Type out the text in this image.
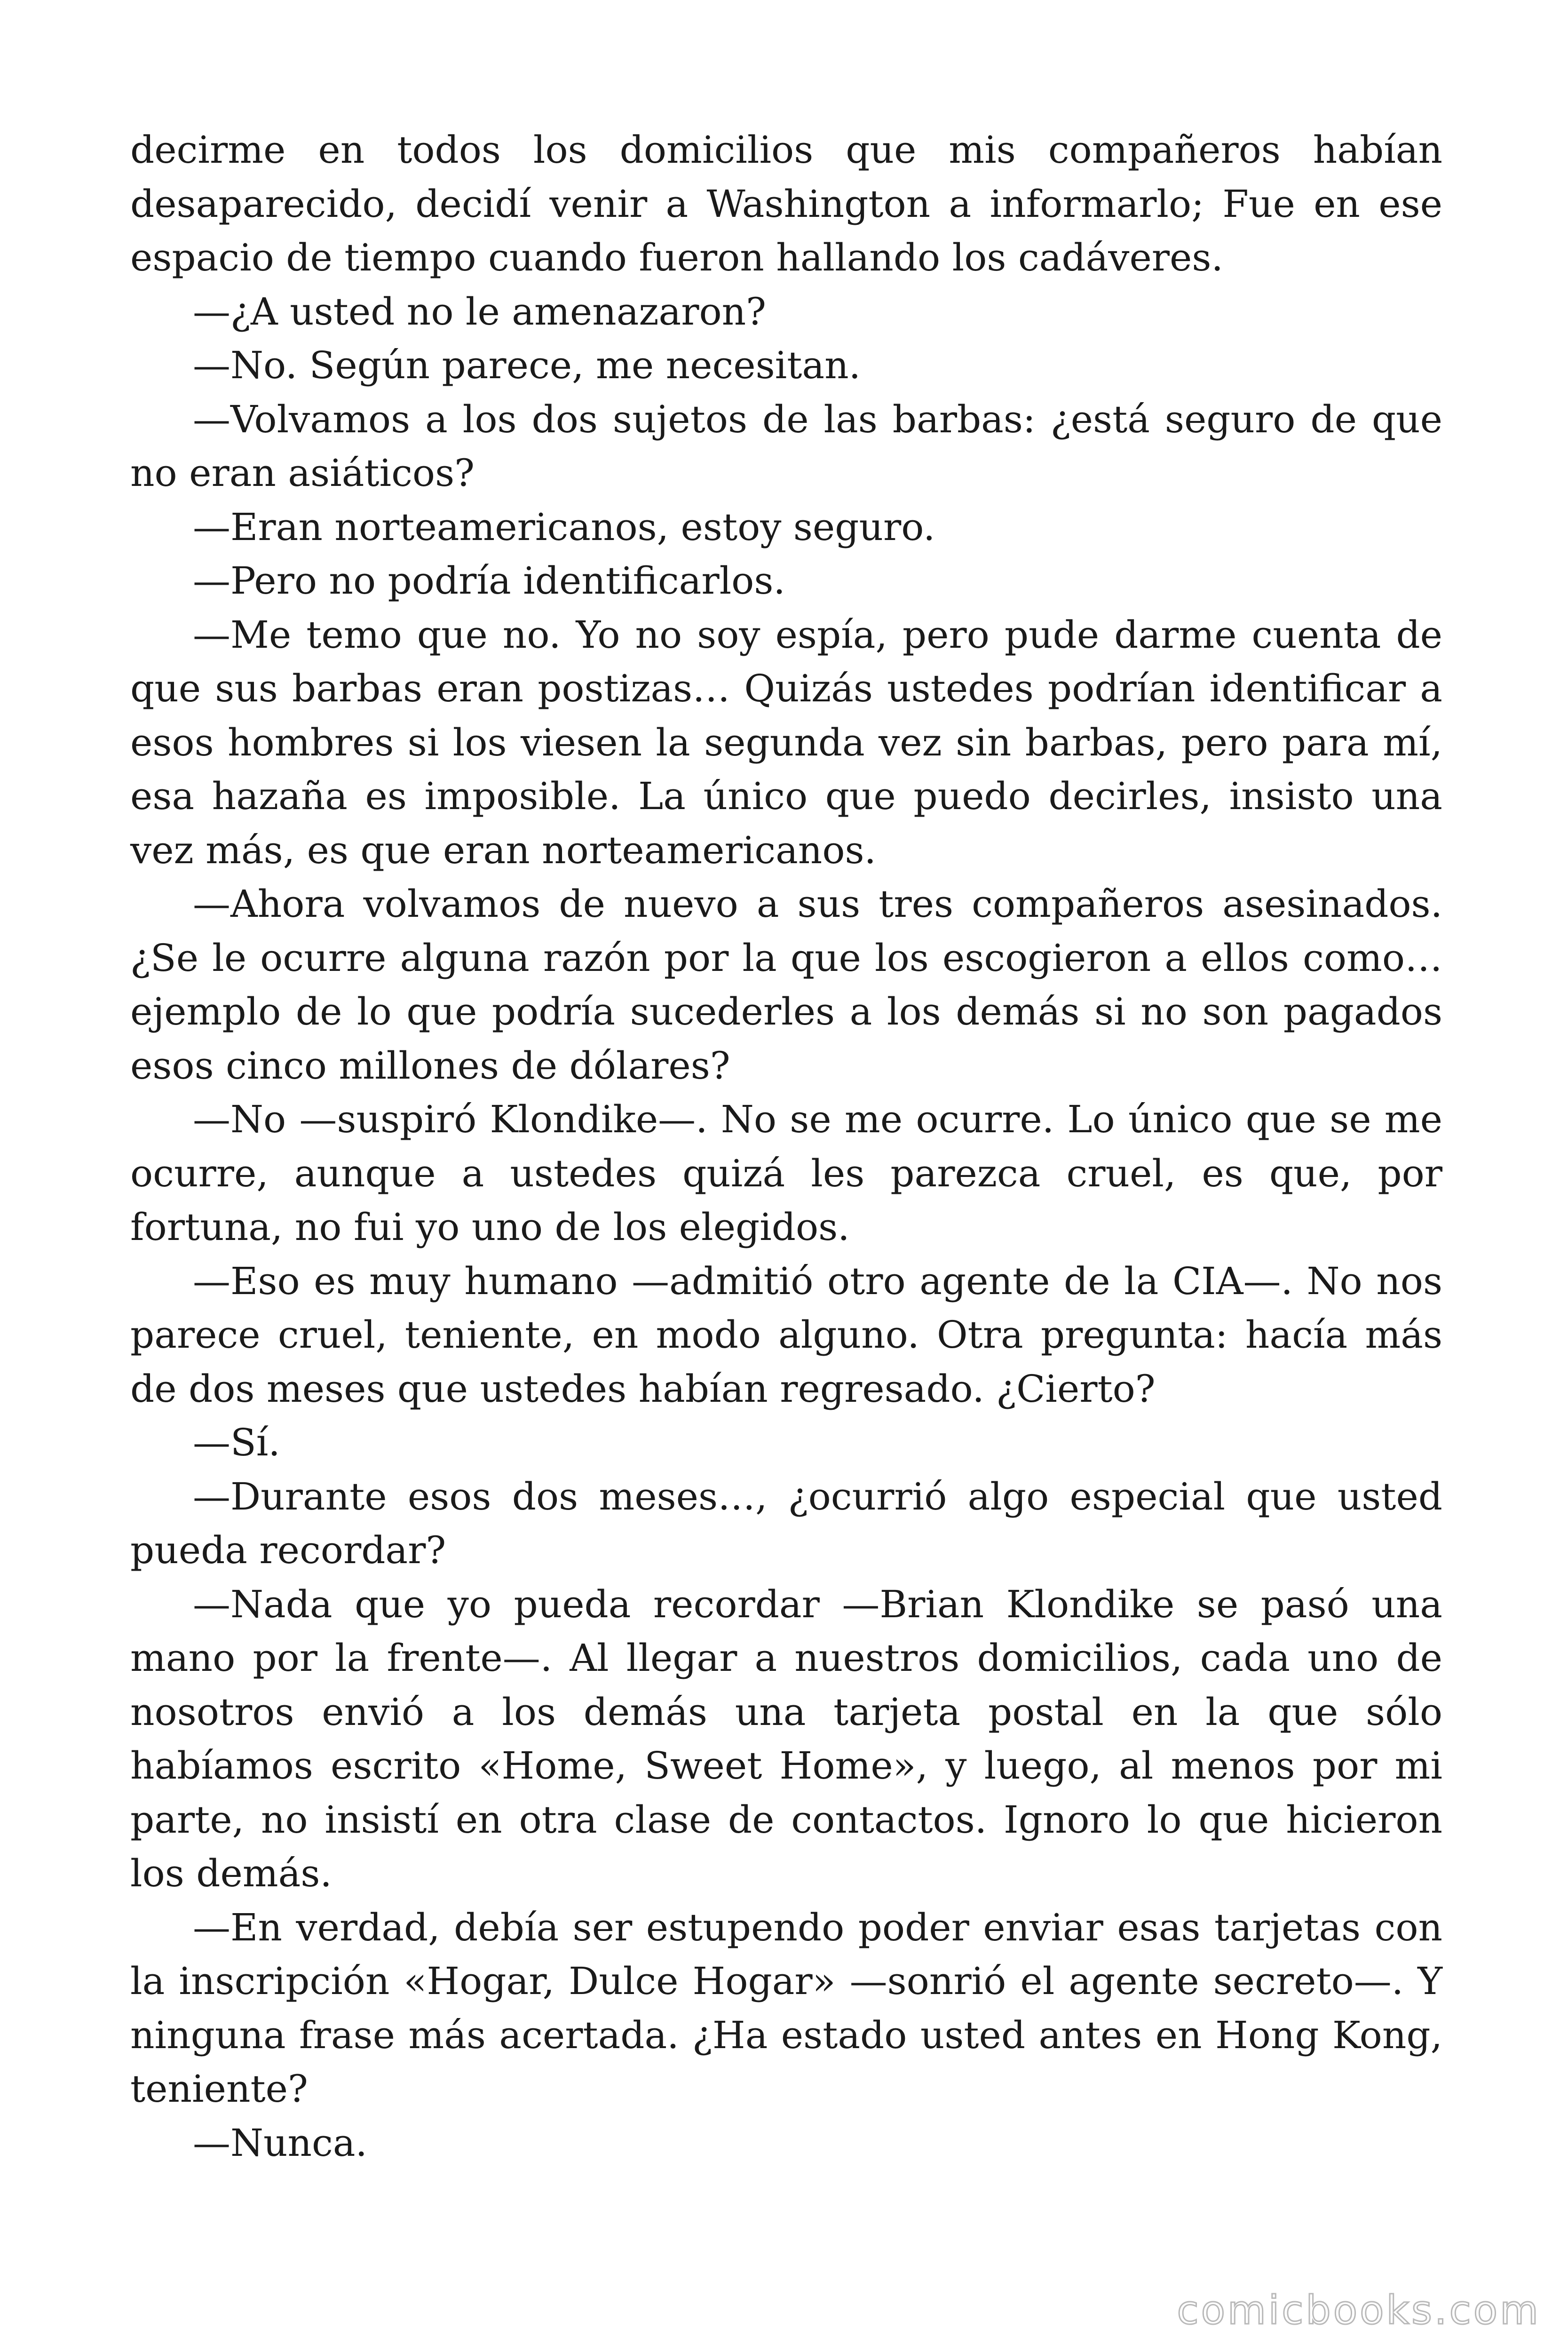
decirme en todos los domicilios que mis compañeros habían desaparecido, decidí venir a Washington a informarlo; Fue en ese espacio de tiempo cuando fueron hallando los cadáveres.

—¿A usted no le amenazaron?

—No. Según parece, me necesitan.

—Volvamos a los dos sujetos de las barbas: ¿está seguro de que no eran asiáticos?

—Eran norteamericanos, estoy seguro.

—Pero no podría identificarlos.

—Me temo que no. Yo no soy espía, pero pude darme cuenta de que sus barbas eran postizas… Quizás ustedes podrían identificar a esos hombres si los viesen la segunda vez sin barbas, pero para mí, esa hazaña es imposible. La único que puedo decirles, insisto una vez más, es que eran norteamericanos.

—Ahora volvamos de nuevo a sus tres compañeros asesinados. ¿Se le ocurre alguna razón por la que los escogieron a ellos como… ejemplo de lo que podría sucederles a los demás si no son pagados esos cinco millones de dólares?

—No —suspiró Klondike—. No se me ocurre. Lo único que se me ocurre, aunque a ustedes quizá les parezca cruel, es que, por fortuna, no fui yo uno de los elegidos.

—Eso es muy humano —admitió otro agente de la CIA—. No nos parece cruel, teniente, en modo alguno. Otra pregunta: hacía más de dos meses que ustedes habían regresado. ¿Cierto?

—Sí.

—Durante esos dos meses…, ¿ocurrió algo especial que usted pueda recordar?

—Nada que yo pueda recordar —Brian Klondike se pasó una mano por la frente—. Al llegar a nuestros domicilios, cada uno de nosotros envió a los demás una tarjeta postal en la que sólo habíamos escrito «Home, Sweet Home», y luego, al menos por mi parte, no insistí en otra clase de contactos. Ignoro lo que hicieron los demás.

—En verdad, debía ser estupendo poder enviar esas tarjetas con la inscripción «Hogar, Dulce Hogar» —sonrió el agente secreto—. Y ninguna frase más acertada. ¿Ha estado usted antes en Hong Kong, teniente?

—Nunca.

comicbooks.com
